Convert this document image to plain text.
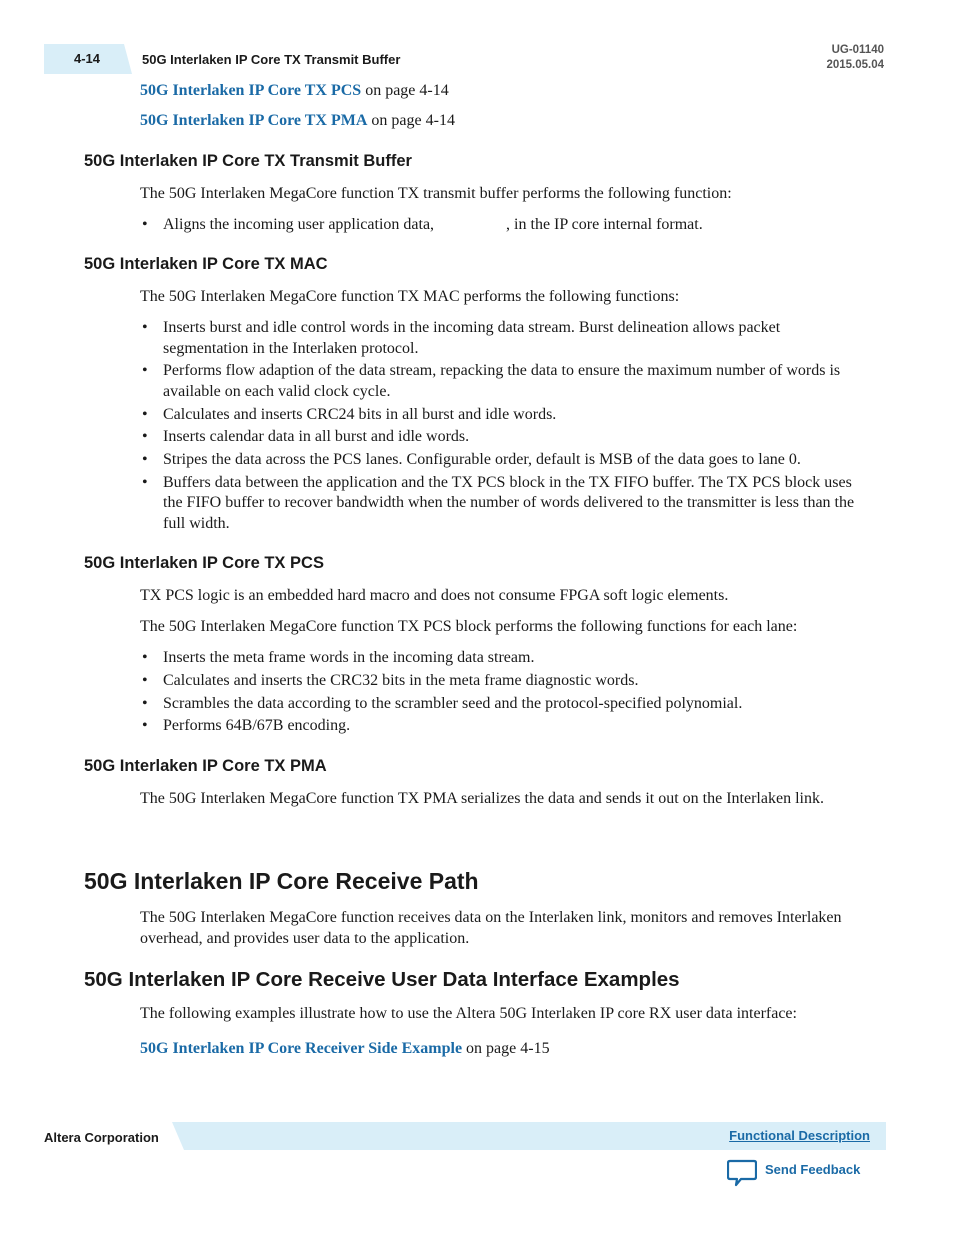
4-14	50G Interlaken IP Core TX Transmit Buffer
UG-01140
2015.05.04
50G Interlaken IP Core TX PCS on page 4-14
50G Interlaken IP Core TX PMA on page 4-14
50G Interlaken IP Core TX Transmit Buffer

The 50G Interlaken MegaCore function TX transmit buffer performs the following function:

• Aligns the incoming user application data,                  , in the IP core internal format.
50G Interlaken IP Core TX MAC

The 50G Interlaken MegaCore function TX MAC performs the following functions:

• Inserts burst and idle control words in the incoming data stream. Burst delineation allows packet segmentation in the Interlaken protocol.
• Performs flow adaption of the data stream, repacking the data to ensure the maximum number of words is available on each valid clock cycle.
• Calculates and inserts CRC24 bits in all burst and idle words.
• Inserts calendar data in all burst and idle words.
• Stripes the data across the PCS lanes. Configurable order, default is MSB of the data goes to lane 0.
• Buffers data between the application and the TX PCS block in the TX FIFO buffer. The TX PCS block uses the FIFO buffer to recover bandwidth when the number of words delivered to the transmitter is less than the full width.
50G Interlaken IP Core TX PCS

TX PCS logic is an embedded hard macro and does not consume FPGA soft logic elements.

The 50G Interlaken MegaCore function TX PCS block performs the following functions for each lane:

• Inserts the meta frame words in the incoming data stream.
• Calculates and inserts the CRC32 bits in the meta frame diagnostic words.
• Scrambles the data according to the scrambler seed and the protocol-specified polynomial.
• Performs 64B/67B encoding.
50G Interlaken IP Core TX PMA

The 50G Interlaken MegaCore function TX PMA serializes the data and sends it out on the Interlaken link.

50G Interlaken IP Core Receive Path

The 50G Interlaken MegaCore function receives data on the Interlaken link, monitors and removes Interlaken overhead, and provides user data to the application.

50G Interlaken IP Core Receive User Data Interface Examples

The following examples illustrate how to use the Altera 50G Interlaken IP core RX user data interface:

50G Interlaken IP Core Receiver Side Example on page 4-15
Altera Corporation	Functional Description
Send Feedback
